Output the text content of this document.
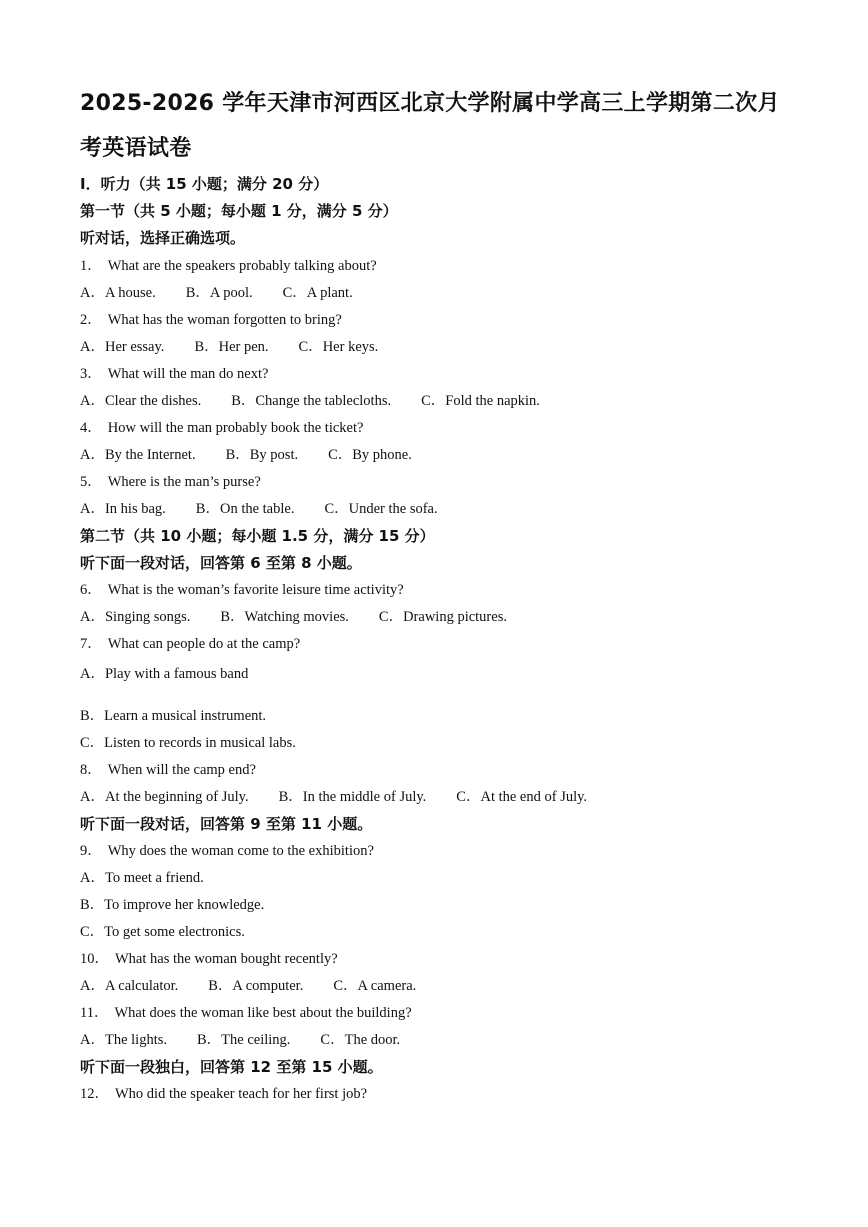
2025-2026 学年天津市河西区北京大学附属中学高三上学期第二次月
考英语试卷
Ⅰ．听力（共 15 小题；满分 20 分）
第一节（共 5 小题；每小题 1 分，满分 5 分）
听对话，选择正确选项。
1． What are the speakers probably talking about?
A．A house. B．A pool. C．A plant.
2． What has the woman forgotten to bring?
A．Her essay. B．Her pen. C．Her keys.
3． What will the man do next?
A．Clear the dishes. B．Change the tablecloths. C．Fold the napkin.
4． How will the man probably book the ticket?
A．By the Internet. B．By post. C．By phone.
5． Where is the man’s purse?
A．In his bag. B．On the table. C．Under the sofa.
第二节（共 10 小题；每小题 1.5 分，满分 15 分）
听下面一段对话，回答第 6 至第 8 小题。
6． What is the woman’s favorite leisure time activity?
A．Singing songs. B．Watching movies. C．Drawing pictures.
7． What can people do at the camp?
A．Play with a famous band
B．Learn a musical instrument.
C．Listen to records in musical labs.
8． When will the camp end?
A．At the beginning of July. B．In the middle of July. C．At the end of July.
听下面一段对话，回答第 9 至第 11 小题。
9． Why does the woman come to the exhibition?
A．To meet a friend.
B．To improve her knowledge.
C．To get some electronics.
10． What has the woman bought recently?
A．A calculator. B．A computer. C．A camera.
11． What does the woman like best about the building?
A．The lights. B．The ceiling. C．The door.
听下面一段独白，回答第 12 至第 15 小题。
12． Who did the speaker teach for her first job?
